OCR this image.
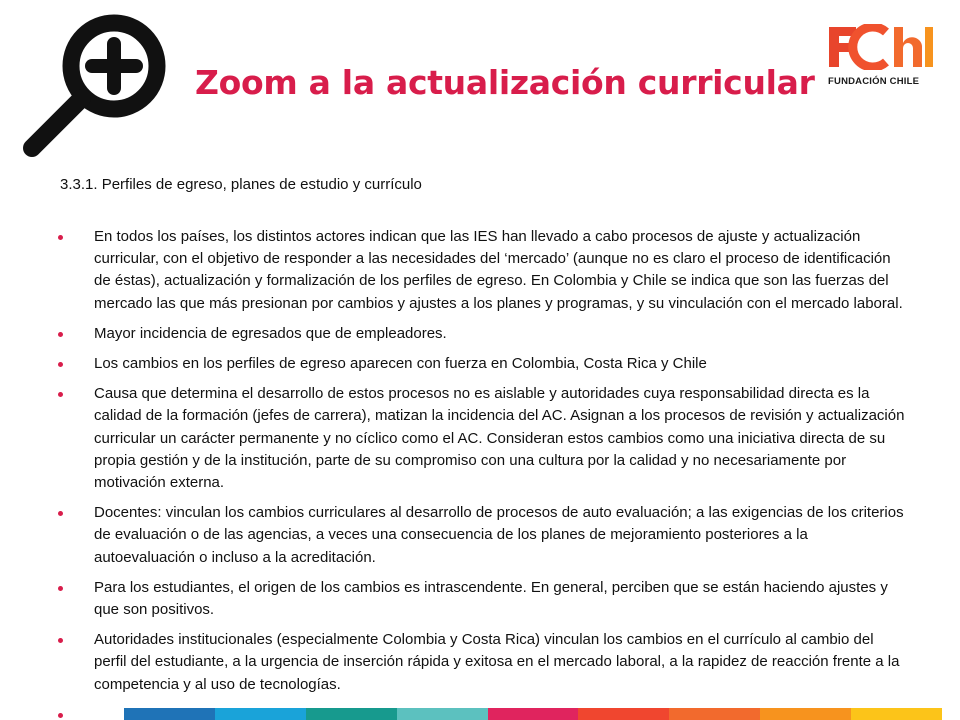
Zoom a la actualización curricular FUNDACIÓN CHILE
3.3.1. Perfiles de egreso, planes de estudio y currículo
En todos los países, los distintos actores indican que las IES han llevado a cabo procesos de ajuste y actualización curricular, con el objetivo de responder a las necesidades del ‘mercado’ (aunque no es claro el proceso de identificación de éstas), actualización y formalización de los perfiles de egreso. En Colombia y Chile se indica que son las fuerzas del mercado las que más presionan por cambios y ajustes a los planes y programas, y su vinculación con el mercado laboral.
Mayor incidencia de egresados que de empleadores.
Los cambios en los perfiles de egreso aparecen con fuerza en Colombia, Costa Rica y Chile
Causa que determina el desarrollo de estos procesos no es aislable y autoridades cuya responsabilidad directa es la calidad de la formación (jefes de carrera), matizan la incidencia del AC. Asignan a los procesos de revisión y actualización curricular un carácter permanente y no cíclico como el AC. Consideran estos cambios como una iniciativa directa de su propia gestión y de la institución, parte de su compromiso con una cultura por la calidad y no necesariamente por motivación externa.
Docentes: vinculan los cambios curriculares al desarrollo de procesos de auto evaluación; a las exigencias de los criterios de evaluación o de las agencias, a veces una consecuencia de los planes de mejoramiento posteriores a la autoevaluación o incluso a la acreditación.
Para los estudiantes, el origen de los cambios es intrascendente. En general, perciben que se están haciendo ajustes y que son positivos.
Autoridades institucionales (especialmente Colombia y Costa Rica) vinculan los cambios en el currículo al cambio del perfil del estudiante, a la urgencia de inserción rápida y exitosa en el mercado laboral, a la rapidez de reacción frente a la competencia y al uso de tecnologías.
